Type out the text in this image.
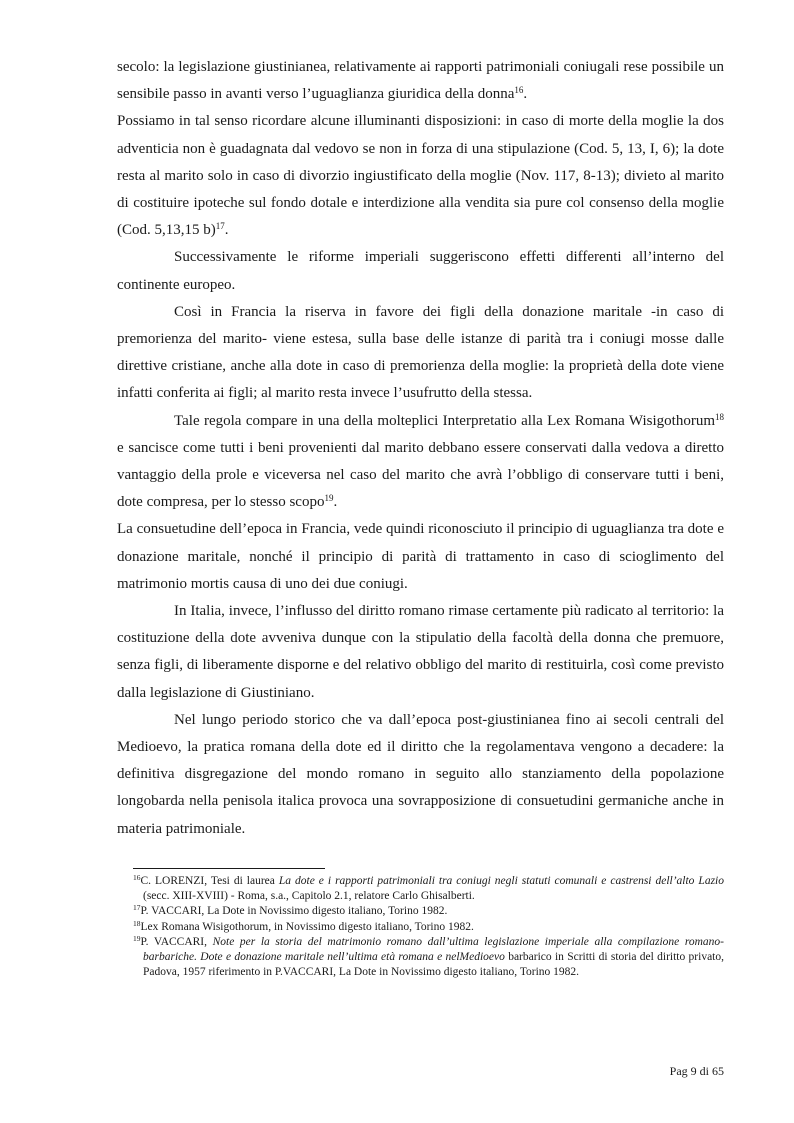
secolo: la legislazione giustinianea, relativamente ai rapporti patrimoniali coniugali rese possibile un sensibile passo in avanti verso l’uguaglianza giuridica della donna$^{16}$.

Possiamo in tal senso ricordare alcune illuminanti disposizioni: in caso di morte della moglie la dos adventicia non è guadagnata dal vedovo se non in forza di una stipulazione (Cod. 5, 13, I, 6); la dote resta al marito solo in caso di divorzio ingiustificato della moglie (Nov. 117, 8-13); divieto al marito di costituire ipoteche sul fondo dotale e interdizione alla vendita sia pure col consenso della moglie (Cod. 5,13,15 b)$^{17}$.

Successivamente le riforme imperiali suggeriscono effetti differenti all’interno del continente europeo.

Così in Francia la riserva in favore dei figli della donazione maritale -in caso di premorienza del marito- viene estesa, sulla base delle istanze di parità tra i coniugi mosse dalle direttive cristiane, anche alla dote in caso di premorienza della moglie: la proprietà della dote viene infatti conferita ai figli; al marito resta invece l’usufrutto della stessa.

Tale regola compare in una della molteplici Interpretatio alla Lex Romana Wisigothorum$^{18}$ e sancisce come tutti i beni provenienti dal marito debbano essere conservati dalla vedova a diretto vantaggio della prole e viceversa nel caso del marito che avrà l’obbligo di conservare tutti i beni, dote compresa, per lo stesso scopo$^{19}$.

La consuetudine dell’epoca in Francia, vede quindi riconosciuto il principio di uguaglianza tra dote e donazione maritale, nonché il principio di parità di trattamento in caso di scioglimento del matrimonio mortis causa di uno dei due coniugi.

In Italia, invece, l’influsso del diritto romano rimase certamente più radicato al territorio: la costituzione della dote avveniva dunque con la stipulatio della facoltà della donna che premuore, senza figli, di liberamente disporne e del relativo obbligo del marito di restituirla, così come previsto dalla legislazione di Giustiniano.

Nel lungo periodo storico che va dall’epoca post-giustinianea fino ai secoli centrali del Medioevo, la pratica romana della dote ed il diritto che la regolamentava vengono a decadere: la definitiva disgregazione del mondo romano in seguito allo stanziamento della popolazione longobarda nella penisola italica provoca una sovrapposizione di consuetudini germaniche anche in materia patrimoniale.

$^{16}$C. LORENZI, Tesi di laurea La dote e i rapporti patrimoniali tra coniugi negli statuti comunali e castrensi dell’alto Lazio (secc. XIII-XVIII) - Roma, s.a., Capitolo 2.1, relatore Carlo Ghisalberti.

$^{17}$P. VACCARI, La Dote in Novissimo digesto italiano, Torino 1982.

$^{18}$Lex Romana Wisigothorum, in Novissimo digesto italiano, Torino 1982.

$^{19}$P. VACCARI, Note per la storia del matrimonio romano dall’ultima legislazione imperiale alla compilazione romano-barbariche. Dote e donazione maritale nell’ultima età romana e nelMedioevo barbarico in Scritti di storia del diritto privato, Padova, 1957 riferimento in P.VACCARI, La Dote in Novissimo digesto italiano, Torino 1982.

Pag 9 di 65
